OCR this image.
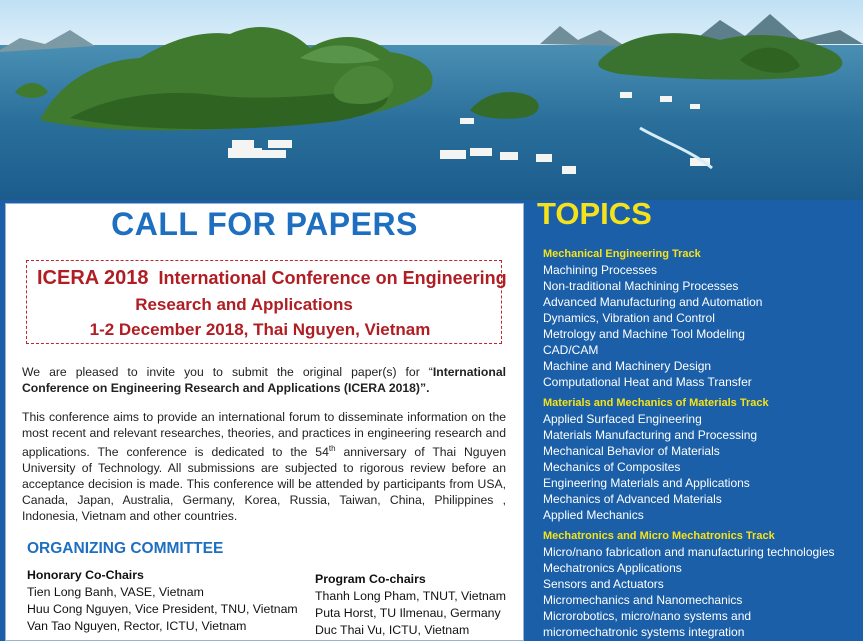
CALL FOR PAPERS
ICERA 2018 International Conference on Engineering
Research and Applications
1-2 December 2018, Thai Nguyen, Vietnam
We are pleased to invite you to submit the original paper(s) for “International Conference on Engineering Research and Applications (ICERA 2018)”.
This conference aims to provide an international forum to disseminate information on the most recent and relevant researches, theories, and practices in engineering research and applications. The conference is dedicated to the 54th anniversary of Thai Nguyen University of Technology. All submissions are subjected to rigorous review before an acceptance decision is made. This conference will be attended by participants from USA, Canada, Japan, Australia, Germany, Korea, Russia, Taiwan, China, Philippines , Indonesia, Vietnam and other countries.
ORGANIZING COMMITTEE
Honorary Co-Chairs
Tien Long Banh, VASE, Vietnam
Huu Cong Nguyen, Vice President, TNU, Vietnam
Van Tao Nguyen, Rector, ICTU, Vietnam
Program Co-chairs
Thanh Long Pham, TNUT, Vietnam
Puta Horst, TU Ilmenau, Germany
Duc Thai Vu, ICTU, Vietnam
TOPICS
Mechanical Engineering Track
Machining Processes
Non-traditional Machining Processes
Advanced Manufacturing and Automation
Dynamics, Vibration and Control
Metrology and Machine Tool Modeling
CAD/CAM
Machine and Machinery Design
Computational Heat and Mass Transfer
Materials and Mechanics of Materials Track
Applied Surfaced Engineering
Materials Manufacturing and Processing
Mechanical Behavior of Materials
Mechanics of Composites
Engineering Materials and Applications
Mechanics of Advanced Materials
Applied Mechanics
Mechatronics and Micro Mechatronics Track
Micro/nano fabrication and manufacturing technologies
Mechatronics Applications
Sensors and Actuators
Micromechanics and Nanomechanics
Microrobotics, micro/nano systems and
micromechatronic systems integration
